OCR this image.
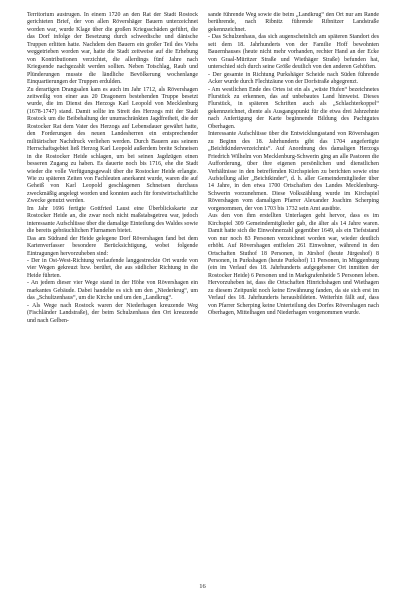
Territorium austrugen. In einem 1720 an den Rat der Stadt Rostock gerichteten Brief, der von allen Rövershäger Bauern unterzeichnet worden war, wurde Klage über die großen Kriegsschäden geführt, die das Dorf infolge der Besetzung durch schwedische und dänische Truppen erlitten hatte. Nachdem den Bauern ein großer Teil des Viehs weggetrieben worden war, hatte die Stadt zeitweise auf die Erhebung von Kontributionen verzichtet, die allerdings fünf Jahre nach Kriegsende nachgezahlt werden sollten. Neben Totschlag, Raub und Plünderungen musste die ländliche Bevölkerung wochenlange Einquartierungen der Truppen erdulden.

Zu derartigen Drangsalen kam es auch im Jahr 1712, als Rövershagen zeitweilig von einer aus 20 Dragonern bestehenden Truppe besetzt wurde, die im Dienst des Herzogs Karl Leopold von Mecklenburg (1678-1747) stand. Damit sollte im Streit des Herzogs mit der Stadt Rostock um die Beibehaltung der unumschränkten Jagdfreiheit, die der Rostocker Rat dem Vater des Herzogs auf Lebensdauer gewährt hatte, den Forderungen des neuen Landesherren ein entsprechender militärischer Nachdruck verliehen werden. Durch Bauern aus seinem Herrschaftsgebiet ließ Herzog Karl Leopold außerdem breite Schneisen in die Rostocker Heide schlagen, um bei seinen Jagdzügen einen besseren Zugang zu haben. Es dauerte noch bis 1716, ehe die Stadt wieder die volle Verfügungsgewalt über die Rostocker Heide erlangte. Wie zu späteren Zeiten von Fachleuten anerkannt wurde, waren die auf Geheiß von Karl Leopold geschlagenen Schneisen durchaus zweckmäßig angelegt worden und konnten auch für forstwirtschaftliche Zwecke genutzt werden.

Im Jahr 1696 fertigte Gottfried Laust eine Überblickskarte zur Rostocker Heide an, die zwar noch nicht maßstabsgetreu war, jedoch interessante Aufschlüsse über die damalige Einteilung des Waldes sowie die bereits gebräuchlichen Flurnamen bietet.

Das am Südrand der Heide gelegene Dorf Rövershagen fand bei dem Kartenverfasser besondere Berücksichtigung, wobei folgende Eintragungen hervorzuheben sind:

- Der in Ost-West-Richtung verlaufende langgestreckte Ort wurde von vier Wegen gekreuzt bzw. berührt, die aus südlicher Richtung in die Heide führten.

- An jedem dieser vier Wege stand in der Höhe von Rövershagen ein markantes Gebäude. Dabei handelte es sich um den „Niederkrug“, um das „Schultzenhaus“, um die Kirche und um den „Landkrug“.

- Als Wege nach Rostock waren der Niederhagen kreuzende Weg (Fischländer Landstraße), der beim Schulzenhaus den Ort kreuzende und nach Gelben-

sande führende Weg sowie die beim „Landkrug“ den Ort nur am Rande berührende, nach Ribnitz führende Ribnitzer Landstraße gekennzeichnet.

- Das Schulzenhaus, das sich augenscheinlich am späteren Standort des seit dem 18. Jahrhunderts von der Familie Hoff bewohnten Bauernhauses (heute nicht mehr vorhanden, rechter Hand an der Ecke von Graal-Müritzer Straße und Wiethäger Straße) befunden hat, unterschied sich durch seine Größe deutlich von den anderen Gehöften.

- Der gesamte in Richtung Purkshäger Scheide nach Süden führende Acker wurde durch Flechtzäune von der Dorfstraße abgegrenzt.

- Am westlichen Ende des Ortes ist ein als „wüste Hufen“ bezeichnetes Flurstück zu erkennen, das auf unbebautes Land hinweist. Dieses Flurstück, in späteren Schriften auch als „Schlachterkoppel“ gekennzeichnet, diente als Ausgangspunkt für die etwa drei Jahrzehnte nach Anfertigung der Karte beginnende Bildung des Pachtgutes Oberhagen.

Interessante Aufschlüsse über die Entwicklungsstand von Rövershagen zu Beginn des 18. Jahrhunderts gibt das 1704 angefertigte „Beichtkinderverzeichnis“. Auf Anordnung des damaligen Herzogs Friedrich Wilhelm von Mecklenburg-Schwerin ging an alle Pastoren die Aufforderung, über ihre eigenen persönlichen und dienstlichen Verhältnisse in den betreffenden Kirchspielen zu berichten sowie eine Aufstellung aller „Beichtkinder“, d. h. aller Gemeindemitglieder über 14 Jahre, in den etwa 1700 Ortschaften des Landes Mecklenburg-Schwerin vorzunehmen. Diese Volkszählung wurde im Kirchspiel Rövershagen vom damaligen Pfarrer Alexander Joachim Scherping vorgenommen, der von 1703 bis 1732 sein Amt ausübte.

Aus den von ihm erstellten Unterlagen geht hervor, dass es im Kirchspiel 309 Gemeindemitglieder gab, die älter als 14 Jahre waren. Damit hatte sich die Einwohnerzahl gegenüber 1649, als ein Tiefststand von nur noch 83 Personen verzeichnet worden war, wieder deutlich erhöht. Auf Rövershagen entfielen 261 Einwohner, während in den Ortschaften Stuthof 18 Personen, in Jürshof (heute Jürgeshof) 8 Personen, in Purkshagen (heute Purkshof) 11 Personen, in Müggenburg (ein im Verlauf des 18. Jahrhunderts aufgegebener Ort inmitten der Rostocker Heide) 6 Personen und in Markgrafenheide 5 Personen leben. Hervorzuheben ist, dass die Ortschaften Hinrichshagen und Wiethagen zu diesem Zeitpunkt noch keine Erwähnung fanden, da sie sich erst im Verlauf des 18. Jahrhunderts herausbildeten. Weiterhin fällt auf, dass von Pfarrer Scherping keine Unterteilung des Dorfes Rövershagen nach Oberhagen, Mittelhagen und Niederhagen vorgenommen wurde.

16
